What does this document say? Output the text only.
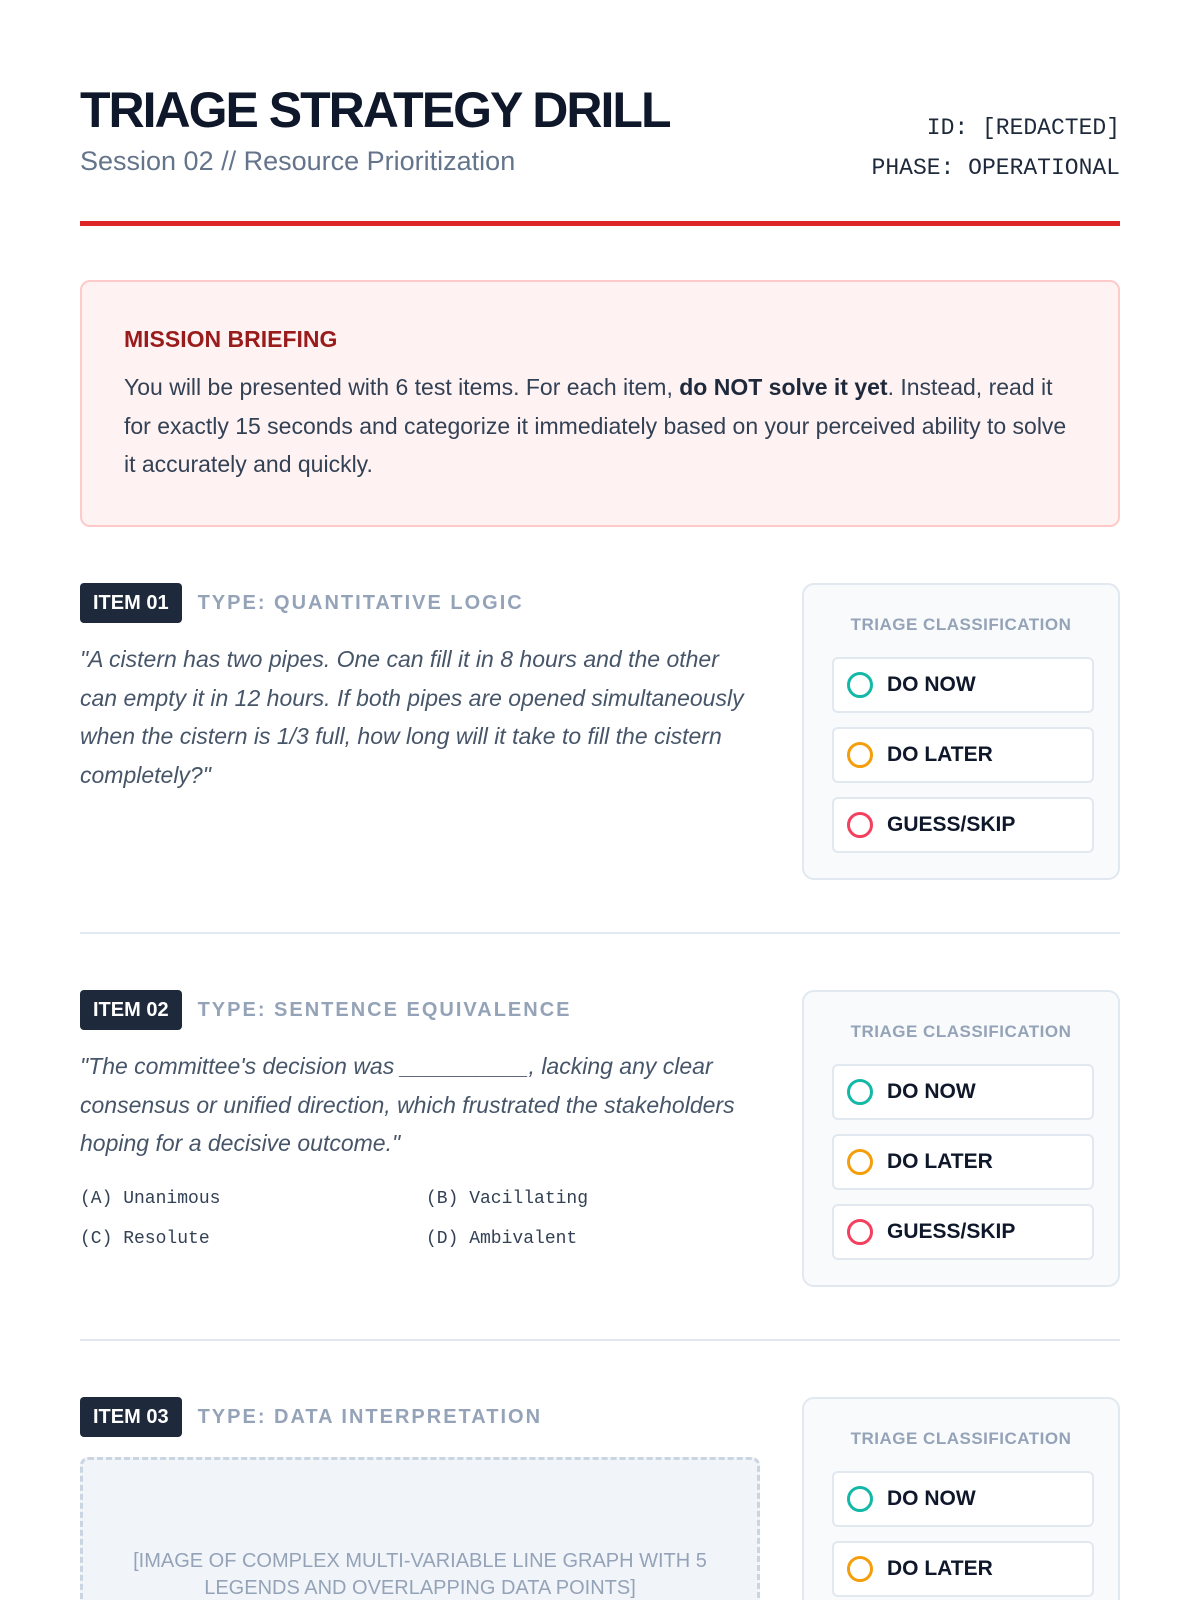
TRIAGE STRATEGY DRILL
Session 02 // Resource Prioritization
ID: [REDACTED]
PHASE: OPERATIONAL
MISSION BRIEFING
You will be presented with 6 test items. For each item, do NOT solve it yet. Instead, read it for exactly 15 seconds and categorize it immediately based on your perceived ability to solve it accurately and quickly.
ITEM 01	TYPE: QUANTITATIVE LOGIC
"A cistern has two pipes. One can fill it in 8 hours and the other can empty it in 12 hours. If both pipes are opened simultaneously when the cistern is 1/3 full, how long will it take to fill the cistern completely?"
TRIAGE CLASSIFICATION
DO NOW
DO LATER
GUESS/SKIP
ITEM 02	TYPE: SENTENCE EQUIVALENCE
"The committee's decision was __________, lacking any clear consensus or unified direction, which frustrated the stakeholders hoping for a decisive outcome."
(A) Unanimous	(B) Vacillating
(C) Resolute	(D) Ambivalent
TRIAGE CLASSIFICATION
DO NOW
DO LATER
GUESS/SKIP
ITEM 03	TYPE: DATA INTERPRETATION
[IMAGE OF COMPLEX MULTI-VARIABLE LINE GRAPH WITH 5 LEGENDS AND OVERLAPPING DATA POINTS]
TRIAGE CLASSIFICATION
DO NOW
DO LATER
